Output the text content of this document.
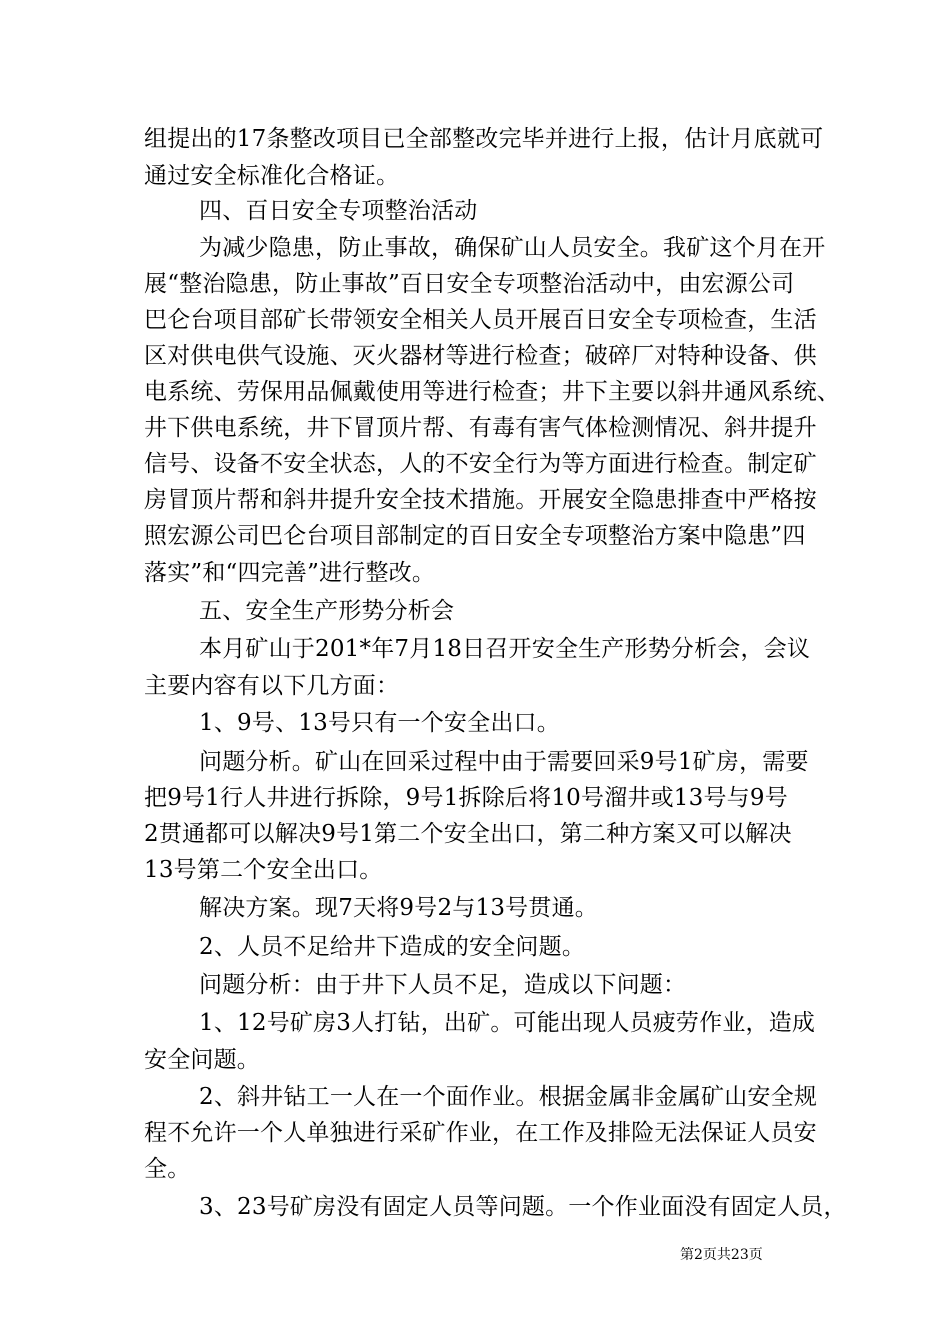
组提出的17条整改项目已全部整改完毕并进行上报，估计月底就可
通过安全标准化合格证。
四、百日安全专项整治活动
为减少隐患，防止事故，确保矿山人员安全。我矿这个月在开
展“整治隐患，防止事故”百日安全专项整治活动中，由宏源公司
巴仑台项目部矿长带领安全相关人员开展百日安全专项检查，生活
区对供电供气设施、灭火器材等进行检查；破碎厂对特种设备、供
电系统、劳保用品佩戴使用等进行检查；井下主要以斜井通风系统、
井下供电系统，井下冒顶片帮、有毒有害气体检测情况、斜井提升
信号、设备不安全状态，人的不安全行为等方面进行检查。制定矿
房冒顶片帮和斜井提升安全技术措施。开展安全隐患排查中严格按
照宏源公司巴仑台项目部制定的百日安全专项整治方案中隐患”四
落实”和“四完善”进行整改。
五、安全生产形势分析会
本月矿山于201*年7月18日召开安全生产形势分析会，会议
主要内容有以下几方面：
1、9号、13号只有一个安全出口。
问题分析。矿山在回采过程中由于需要回采9号1矿房，需要
把9号1行人井进行拆除，9号1拆除后将10号溜井或13号与9号
2贯通都可以解决9号1第二个安全出口，第二种方案又可以解决
13号第二个安全出口。
解决方案。现7天将9号2与13号贯通。
2、人员不足给井下造成的安全问题。
问题分析：由于井下人员不足，造成以下问题：
1、12号矿房3人打钻，出矿。可能出现人员疲劳作业，造成
安全问题。
2、斜井钻工一人在一个面作业。根据金属非金属矿山安全规
程不允许一个人单独进行采矿作业，在工作及排险无法保证人员安
全。
3、23号矿房没有固定人员等问题。一个作业面没有固定人员，
第2页共23页
